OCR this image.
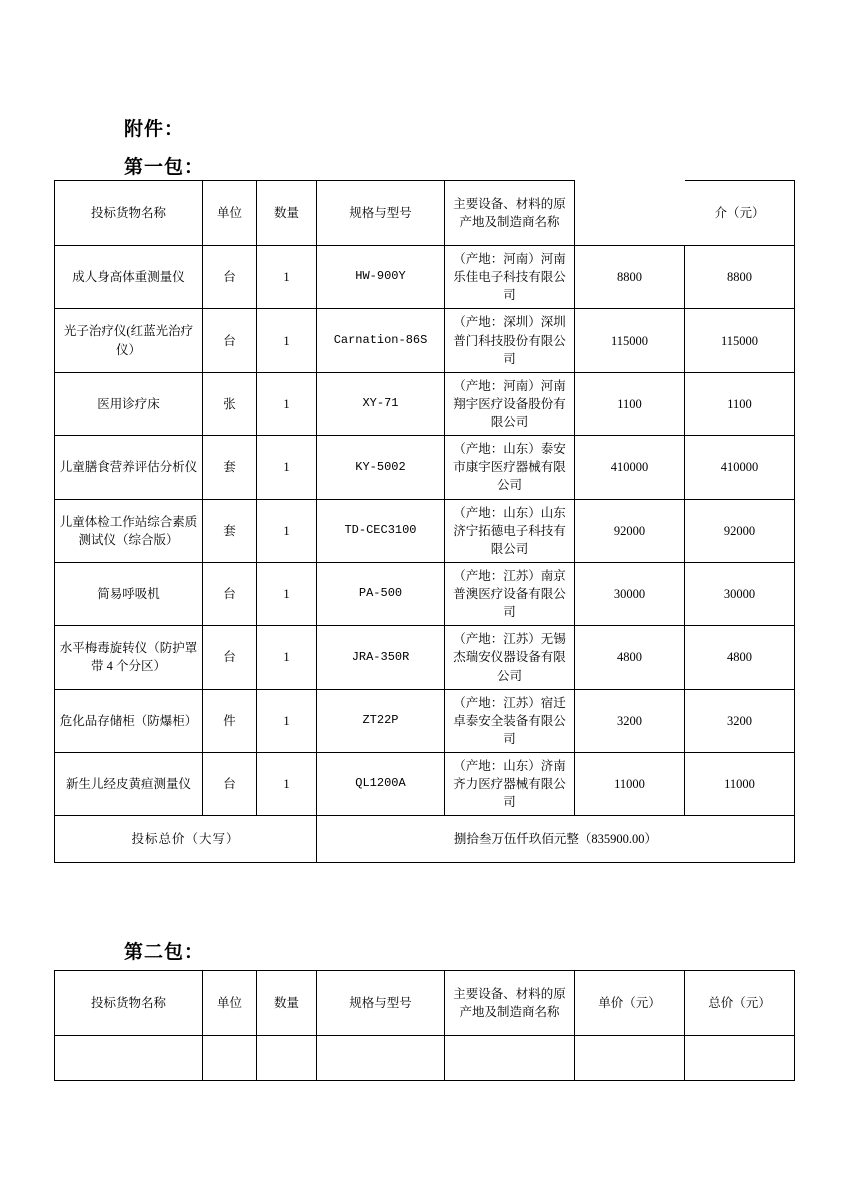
附件：
第一包：
投标货物名称	单位	数量	规格与型号	主要设备、材料的原产地及制造商名称		介（元）
成人身高体重测量仪	台	1	HW-900Y	（产地：河南）河南乐佳电子科技有限公司	8800	8800
光子治疗仪(红蓝光治疗仪）	台	1	Carnation-86S	（产地：深圳）深圳普门科技股份有限公司	115000	115000
医用诊疗床	张	1	XY-71	（产地：河南）河南翔宇医疗设备股份有限公司	1100	1100
儿童膳食营养评估分析仪	套	1	KY-5002	（产地：山东）泰安市康宇医疗器械有限公司	410000	410000
儿童体检工作站综合素质测试仪（综合版）	套	1	TD-CEC3100	（产地：山东）山东济宁拓德电子科技有限公司	92000	92000
简易呼吸机	台	1	PA-500	（产地：江苏）南京普澳医疗设备有限公司	30000	30000
水平梅毒旋转仪（防护罩带 4 个分区）	台	1	JRA-350R	（产地：江苏）无锡杰瑞安仪器设备有限公司	4800	4800
危化品存储柜（防爆柜）	件	1	ZT22P	（产地：江苏）宿迁卓泰安全装备有限公司	3200	3200
新生儿经皮黄疸测量仪	台	1	QL1200A	（产地：山东）济南齐力医疗器械有限公司	11000	11000
投标总价（大写）			捌拾叁万伍仟玖佰元整（835900.00）			
第二包：
投标货物名称	单位	数量	规格与型号	主要设备、材料的原产地及制造商名称	单价（元）	总价（元）
